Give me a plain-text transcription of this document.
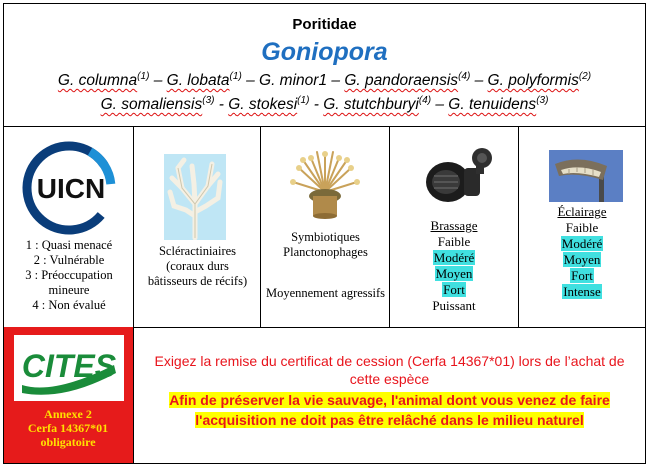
Poritidae
Goniopora
G. columna$^{(1)}$ – G. lobata$^{(1)}$ – G. minor1 – G. pandoraensis$^{(4)}$ – G. polyformis$^{(2)}$
G. somaliensis$^{(3)}$ - G. stokesi$^{(1)}$ - G. stutchburyi$^{(4)}$ – G. tenuidens$^{(3)}$
UICN
1 : Quasi menacé
2 : Vulnérable
3 : Préoccupation mineure
4 : Non évalué
Scléractiniaires (coraux durs bâtisseurs de récifs)
Symbiotiques Planctonophages
Moyennement agressifs
Brassage
Faible
Modéré
Moyen
Fort
Puissant
Éclairage
Faible
Modéré
Moyen
Fort
Intense
CITES
Annexe 2
Cerfa 14367*01
obligatoire
Exigez la remise du certificat de cession (Cerfa 14367*01) lors de l’achat de cette espèce
Afin de préserver la vie sauvage, l'animal dont vous venez de faire
l'acquisition ne doit pas être relâché dans le milieu naturel
